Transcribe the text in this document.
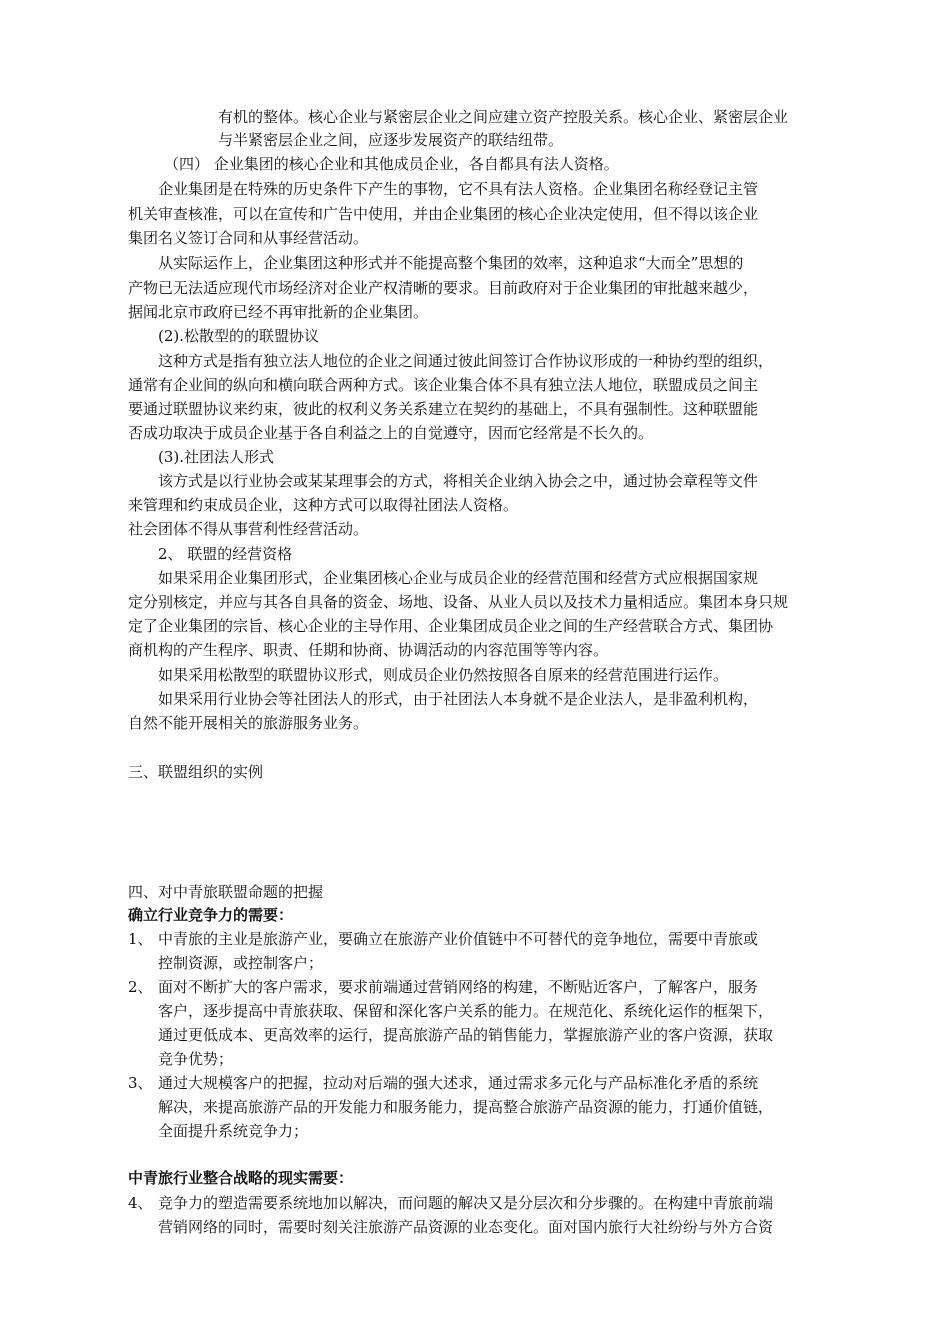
有机的整体。核心企业与紧密层企业之间应建立资产控股关系。核心企业、紧密层企业
与半紧密层企业之间，应逐步发展资产的联结纽带。
（四） 企业集团的核心企业和其他成员企业，各自都具有法人资格。
企业集团是在特殊的历史条件下产生的事物，它不具有法人资格。企业集团名称经登记主管
机关审查核准，可以在宣传和广告中使用，并由企业集团的核心企业决定使用，但不得以该企业
集团名义签订合同和从事经营活动。
从实际运作上，企业集团这种形式并不能提高整个集团的效率，这种追求“大而全”思想的
产物已无法适应现代市场经济对企业产权清晰的要求。目前政府对于企业集团的审批越来越少，
据闻北京市政府已经不再审批新的企业集团。
(2).松散型的的联盟协议
这种方式是指有独立法人地位的企业之间通过彼此间签订合作协议形成的一种协约型的组织，
通常有企业间的纵向和横向联合两种方式。该企业集合体不具有独立法人地位，联盟成员之间主
要通过联盟协议来约束，彼此的权利义务关系建立在契约的基础上，不具有强制性。这种联盟能
否成功取决于成员企业基于各自利益之上的自觉遵守，因而它经常是不长久的。
(3).社团法人形式
该方式是以行业协会或某某理事会的方式，将相关企业纳入协会之中，通过协会章程等文件
来管理和约束成员企业，这种方式可以取得社团法人资格。
社会团体不得从事营利性经营活动。
2、 联盟的经营资格
如果采用企业集团形式，企业集团核心企业与成员企业的经营范围和经营方式应根据国家规
定分别核定，并应与其各自具备的资金、场地、设备、从业人员以及技术力量相适应。集团本身只规
定了企业集团的宗旨、核心企业的主导作用、企业集团成员企业之间的生产经营联合方式、集团协
商机构的产生程序、职责、任期和协商、协调活动的内容范围等等内容。
如果采用松散型的联盟协议形式，则成员企业仍然按照各自原来的经营范围进行运作。
如果采用行业协会等社团法人的形式，由于社团法人本身就不是企业法人，是非盈利机构，
自然不能开展相关的旅游服务业务。
三、联盟组织的实例
四、对中青旅联盟命题的把握
确立行业竞争力的需要：
1、 中青旅的主业是旅游产业，要确立在旅游产业价值链中不可替代的竞争地位，需要中青旅或
控制资源，或控制客户；
2、 面对不断扩大的客户需求，要求前端通过营销网络的构建，不断贴近客户，了解客户，服务
客户，逐步提高中青旅获取、保留和深化客户关系的能力。在规范化、系统化运作的框架下，
通过更低成本、更高效率的运行，提高旅游产品的销售能力，掌握旅游产业的客户资源，获取
竞争优势；
3、 通过大规模客户的把握，拉动对后端的强大述求，通过需求多元化与产品标准化矛盾的系统
解决，来提高旅游产品的开发能力和服务能力，提高整合旅游产品资源的能力，打通价值链，
全面提升系统竞争力；
中青旅行业整合战略的现实需要：
4、 竞争力的塑造需要系统地加以解决，而问题的解决又是分层次和分步骤的。在构建中青旅前端
营销网络的同时，需要时刻关注旅游产品资源的业态变化。面对国内旅行大社纷纷与外方合资
